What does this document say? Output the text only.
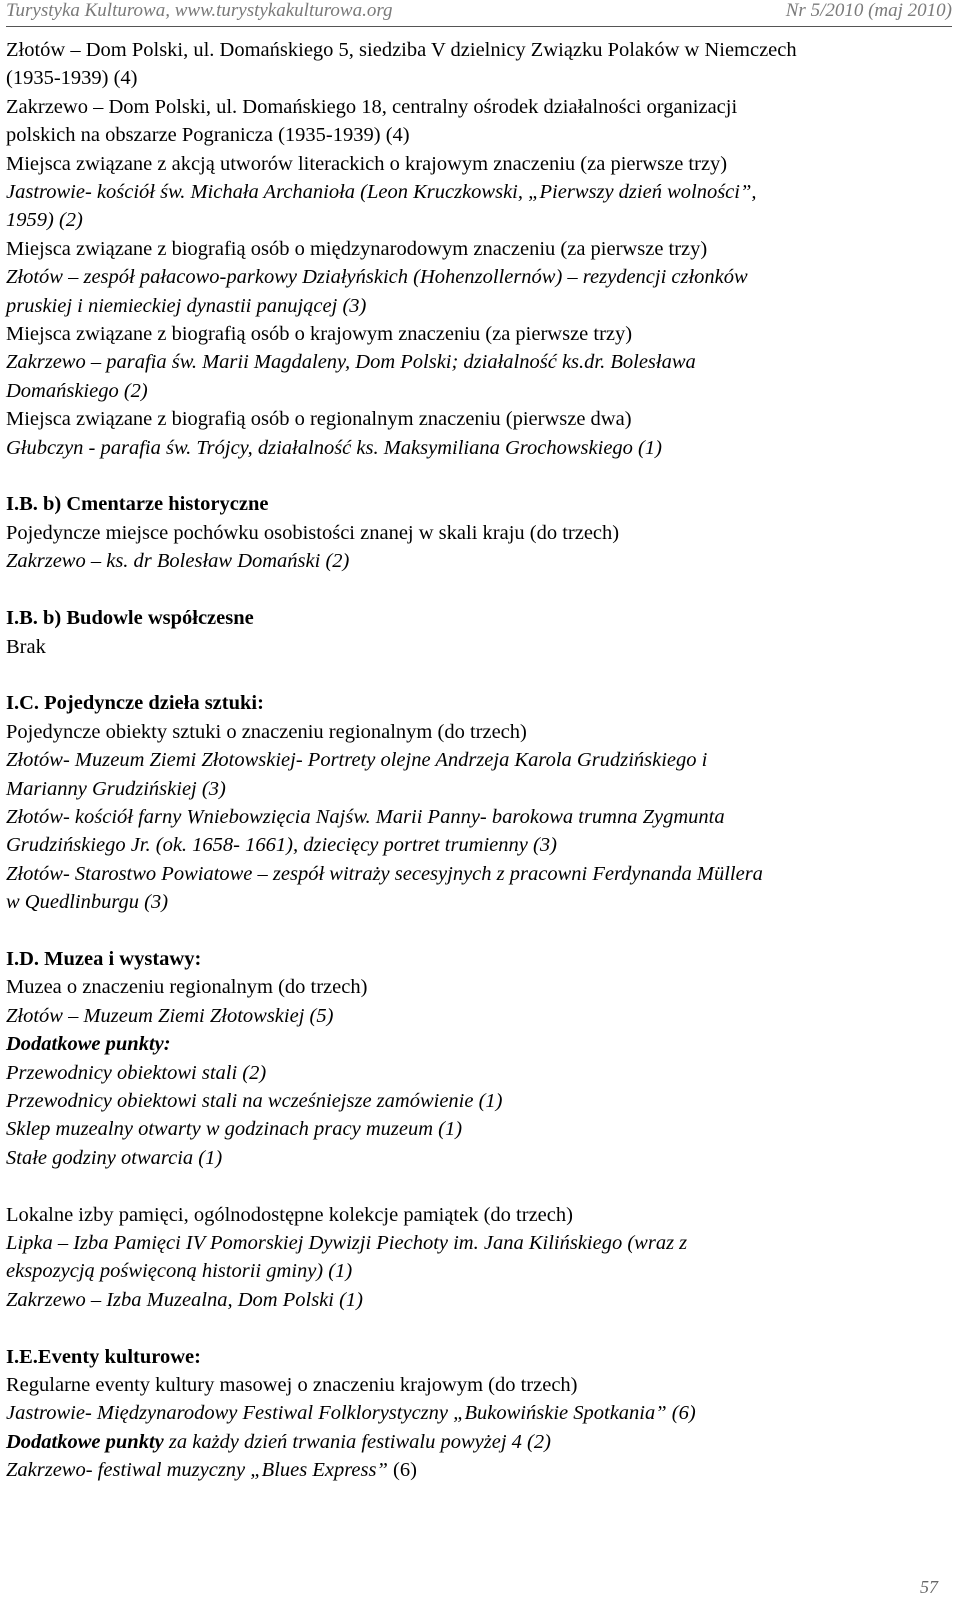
Turystyka Kulturowa, www.turystykakulturowa.org	Nr 5/2010 (maj 2010)
Złotów – Dom Polski, ul. Domańskiego 5, siedziba V dzielnicy Związku Polaków w Niemczech
(1935-1939) (4)
Zakrzewo – Dom Polski, ul. Domańskiego 18, centralny ośrodek działalności organizacji
polskich na obszarze Pogranicza (1935-1939) (4)
Miejsca związane z akcją utworów literackich o krajowym znaczeniu (za pierwsze trzy)
Jastrowie- kościół św. Michała Archanioła (Leon Kruczkowski, „Pierwszy dzień wolności”,
1959) (2)
Miejsca związane z biografią osób o międzynarodowym znaczeniu (za pierwsze trzy)
Złotów – zespół pałacowo-parkowy Działyńskich (Hohenzollernów) – rezydencji członków
pruskiej i niemieckiej dynastii panującej (3)
Miejsca związane z biografią osób o krajowym znaczeniu (za pierwsze trzy)
Zakrzewo – parafia św. Marii Magdaleny, Dom Polski; działalność ks.dr. Bolesława
Domańskiego (2)
Miejsca związane z biografią osób o regionalnym znaczeniu (pierwsze dwa)
Głubczyn - parafia św. Trójcy, działalność ks. Maksymiliana Grochowskiego (1)
I.B. b) Cmentarze historyczne
Pojedyncze miejsce pochówku osobistości znanej w skali kraju (do trzech)
Zakrzewo – ks. dr Bolesław Domański (2)
I.B. b) Budowle współczesne
Brak
I.C. Pojedyncze dzieła sztuki:
Pojedyncze obiekty sztuki o znaczeniu regionalnym (do trzech)
Złotów- Muzeum Ziemi Złotowskiej- Portrety olejne Andrzeja Karola Grudzińskiego i
Marianny Grudzińskiej (3)
Złotów- kościół farny Wniebowzięcia Najśw. Marii Panny- barokowa trumna Zygmunta
Grudzińskiego Jr. (ok. 1658- 1661), dziecięcy portret trumienny (3)
Złotów- Starostwo Powiatowe – zespół witraży secesyjnych z pracowni Ferdynanda Müllera
w Quedlinburgu (3)
I.D. Muzea i wystawy:
Muzea o znaczeniu regionalnym (do trzech)
Złotów – Muzeum Ziemi Złotowskiej (5)
Dodatkowe punkty:
Przewodnicy obiektowi stali (2)
Przewodnicy obiektowi stali na wcześniejsze zamówienie (1)
Sklep muzealny otwarty w godzinach pracy muzeum (1)
Stałe godziny otwarcia (1)
Lokalne izby pamięci, ogólnodostępne kolekcje pamiątek (do trzech)
Lipka – Izba Pamięci IV Pomorskiej Dywizji Piechoty im. Jana Kilińskiego (wraz z
ekspozycją poświęconą historii gminy) (1)
Zakrzewo – Izba Muzealna, Dom Polski (1)
I.E.Eventy kulturowe:
Regularne eventy kultury masowej o znaczeniu krajowym (do trzech)
Jastrowie- Międzynarodowy Festiwal Folklorystyczny „Bukowińskie Spotkania” (6)
Dodatkowe punkty za każdy dzień trwania festiwalu powyżej 4 (2)
Zakrzewo- festiwal muzyczny „Blues Express” (6)
57
